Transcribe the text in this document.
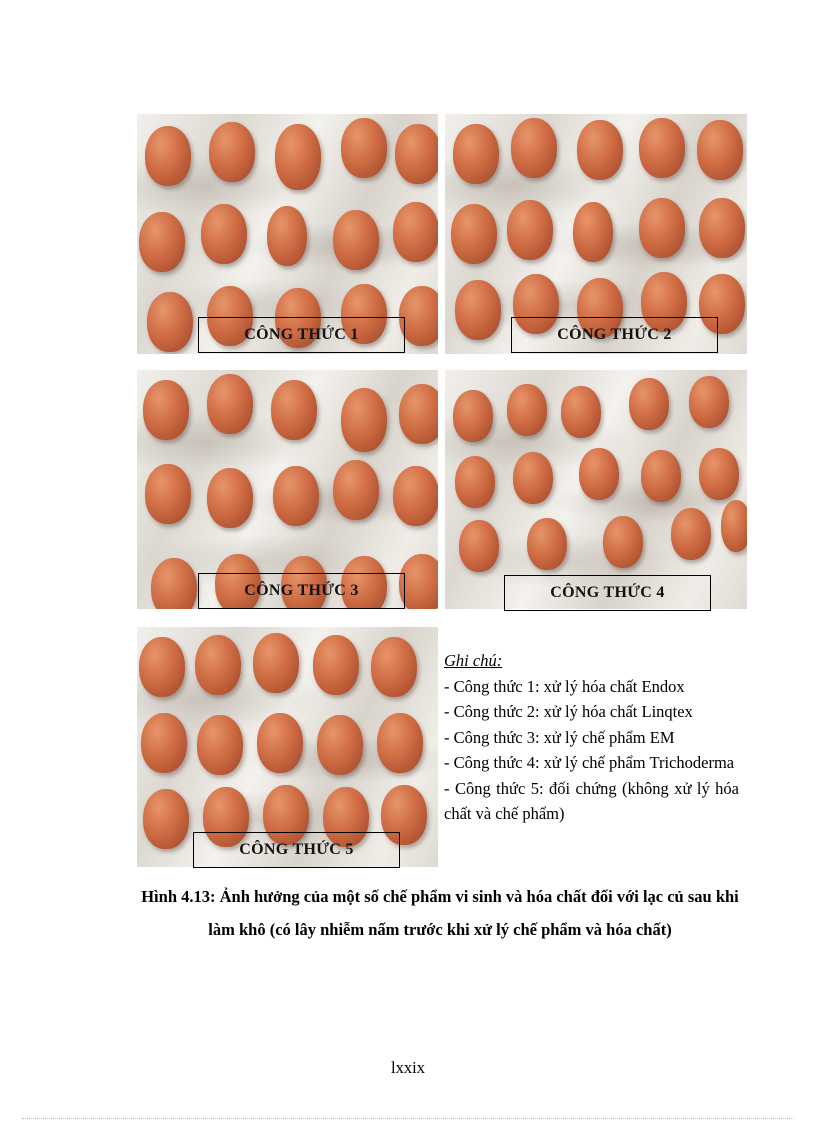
CÔNG THỨC 1	CÔNG THỨC 2
CÔNG THỨC 3	CÔNG THỨC 4
CÔNG THỨC 5
Ghi chú:
- Công thức 1: xử lý hóa chất Endox
- Công thức 2: xử lý hóa chất Linqtex
- Công thức 3: xử lý chế phẩm EM
- Công thức 4: xử lý chế phẩm Trichoderma
- Công thức 5: đối chứng (không xử lý hóa chất và chế phẩm)
Hình 4.13: Ảnh hưởng của một số chế phẩm vi sinh và hóa chất đối với lạc củ sau khi làm khô (có lây nhiễm nấm trước khi xử lý chế phẩm và hóa chất)
lxxix
